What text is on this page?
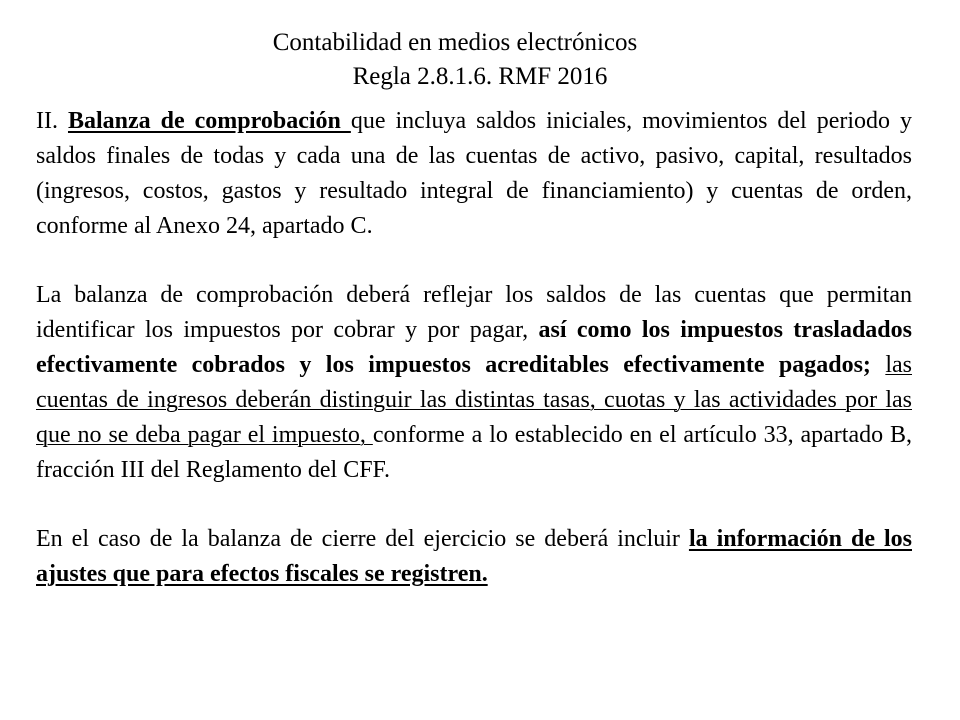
Contabilidad en medios electrónicos
Regla 2.8.1.6. RMF 2016

II. Balanza de comprobación que incluya saldos iniciales, movimientos del periodo y saldos finales de todas y cada una de las cuentas de activo, pasivo, capital, resultados (ingresos, costos, gastos y resultado integral de financiamiento) y cuentas de orden, conforme al Anexo 24, apartado C.

La balanza de comprobación deberá reflejar los saldos de las cuentas que permitan identificar los impuestos por cobrar y por pagar, así como los impuestos trasladados efectivamente cobrados y los impuestos acreditables efectivamente pagados; las cuentas de ingresos deberán distinguir las distintas tasas, cuotas y las actividades por las que no se deba pagar el impuesto, conforme a lo establecido en el artículo 33, apartado B, fracción III del Reglamento del CFF.

En el caso de la balanza de cierre del ejercicio se deberá incluir la información de los ajustes que para efectos fiscales se registren.
